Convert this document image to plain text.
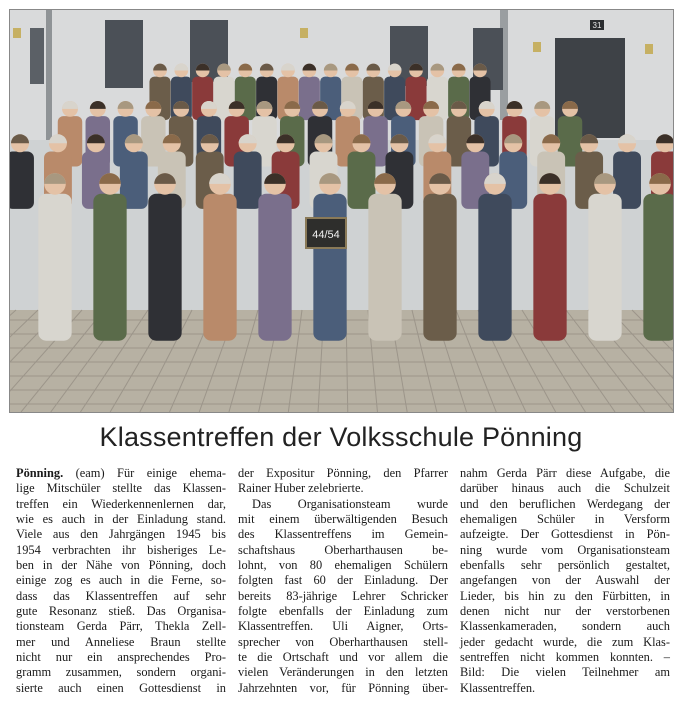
31
44/54
Klassentreffen der Volksschule Pönning
Pönning. (eam) Für einige ehema-
lige Mitschüler stellte das Klassen-
treffen ein Wiederkennenlernen dar,
wie es auch in der Einladung stand.
Viele aus den Jahrgängen 1945 bis
1954 verbrachten ihr bisheriges Le-
ben in der Nähe von Pönning, doch
einige zog es auch in die Ferne, so-
dass das Klassentreffen auf sehr
gute Resonanz stieß. Das Organisa-
tionsteam Gerda Pärr, Thekla Zell-
mer und Anneliese Braun stellte
nicht nur ein ansprechendes Pro-
gramm zusammen, sondern organi-
sierte auch einen Gottesdienst in
der Expositur Pönning, den Pfarrer
Rainer Huber zelebrierte.
Das Organisationsteam wurde
mit einem überwältigenden Besuch
des Klassentreffens im Gemein-
schaftshaus Oberharthausen be-
lohnt, von 80 ehemaligen Schülern
folgten fast 60 der Einladung. Der
bereits 83-jährige Lehrer Schricker
folgte ebenfalls der Einladung zum
Klassentreffen. Uli Aigner, Orts-
sprecher von Oberharthausen stell-
te die Ortschaft und vor allem die
vielen Veränderungen in den letzten
Jahrzehnten vor, für Pönning über-
nahm Gerda Pärr diese Aufgabe, die
darüber hinaus auch die Schulzeit
und den beruflichen Werdegang der
ehemaligen Schüler in Versform
aufzeigte. Der Gottesdienst in Pön-
ning wurde vom Organisationsteam
ebenfalls sehr persönlich gestaltet,
angefangen von der Auswahl der
Lieder, bis hin zu den Fürbitten, in
denen nicht nur der verstorbenen
Klassenkameraden, sondern auch
jeder gedacht wurde, die zum Klas-
sentreffen nicht kommen konnten. –
Bild: Die vielen Teilnehmer am
Klassentreffen.
